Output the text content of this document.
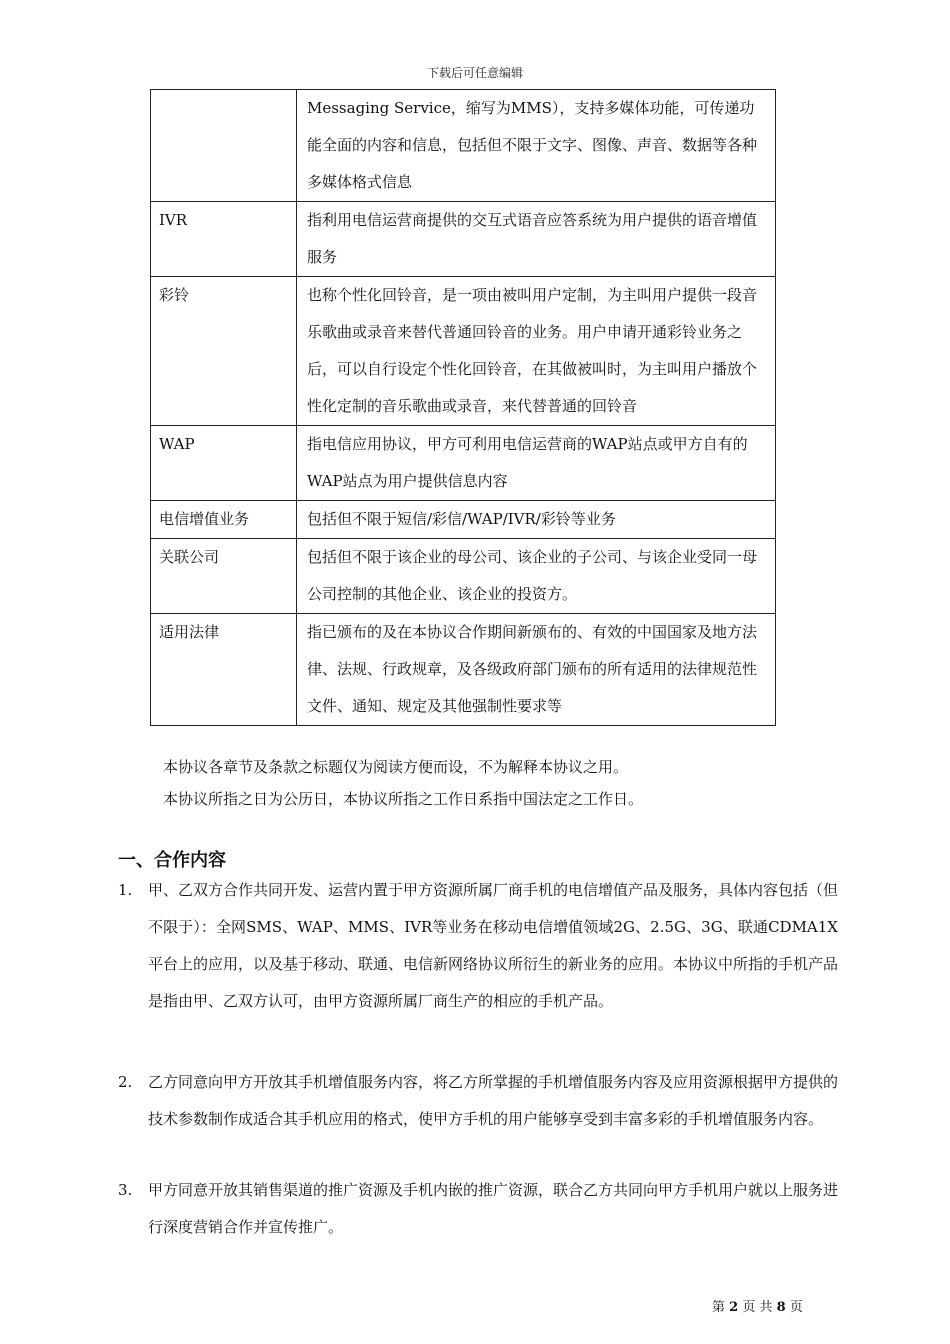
下载后可任意编辑
	Messaging Service，缩写为MMS），支持多媒体功能，可传递功能全面的内容和信息，包括但不限于文字、图像、声音、数据等各种多媒体格式信息
IVR	指利用电信运营商提供的交互式语音应答系统为用户提供的语音增值服务
彩铃	也称个性化回铃音，是一项由被叫用户定制，为主叫用户提供一段音乐歌曲或录音来替代普通回铃音的业务。用户申请开通彩铃业务之后，可以自行设定个性化回铃音，在其做被叫时，为主叫用户播放个性化定制的音乐歌曲或录音，来代替普通的回铃音
WAP	指电信应用协议，甲方可利用电信运营商的WAP站点或甲方自有的WAP站点为用户提供信息内容
电信增值业务	包括但不限于短信/彩信/WAP/IVR/彩铃等业务
关联公司	包括但不限于该企业的母公司、该企业的子公司、与该企业受同一母公司控制的其他企业、该企业的投资方。
适用法律	指已颁布的及在本协议合作期间新颁布的、有效的中国国家及地方法律、法规、行政规章，及各级政府部门颁布的所有适用的法律规范性文件、通知、规定及其他强制性要求等
本协议各章节及条款之标题仅为阅读方便而设，不为解释本协议之用。
本协议所指之日为公历日，本协议所指之工作日系指中国法定之工作日。
一、合作内容
1.	甲、乙双方合作共同开发、运营内置于甲方资源所属厂商手机的电信增值产品及服务，具体内容包括（但不限于）：全网SMS、WAP、MMS、IVR等业务在移动电信增值领域2G、2.5G、3G、联通CDMA1X平台上的应用，以及基于移动、联通、电信新网络协议所衍生的新业务的应用。本协议中所指的手机产品是指由甲、乙双方认可，由甲方资源所属厂商生产的相应的手机产品。
2.	乙方同意向甲方开放其手机增值服务内容，将乙方所掌握的手机增值服务内容及应用资源根据甲方提供的技术参数制作成适合其手机应用的格式，使甲方手机的用户能够享受到丰富多彩的手机增值服务内容。
3.	甲方同意开放其销售渠道的推广资源及手机内嵌的推广资源，联合乙方共同向甲方手机用户就以上服务进行深度营销合作并宣传推广。
第 2 页 共 8 页
